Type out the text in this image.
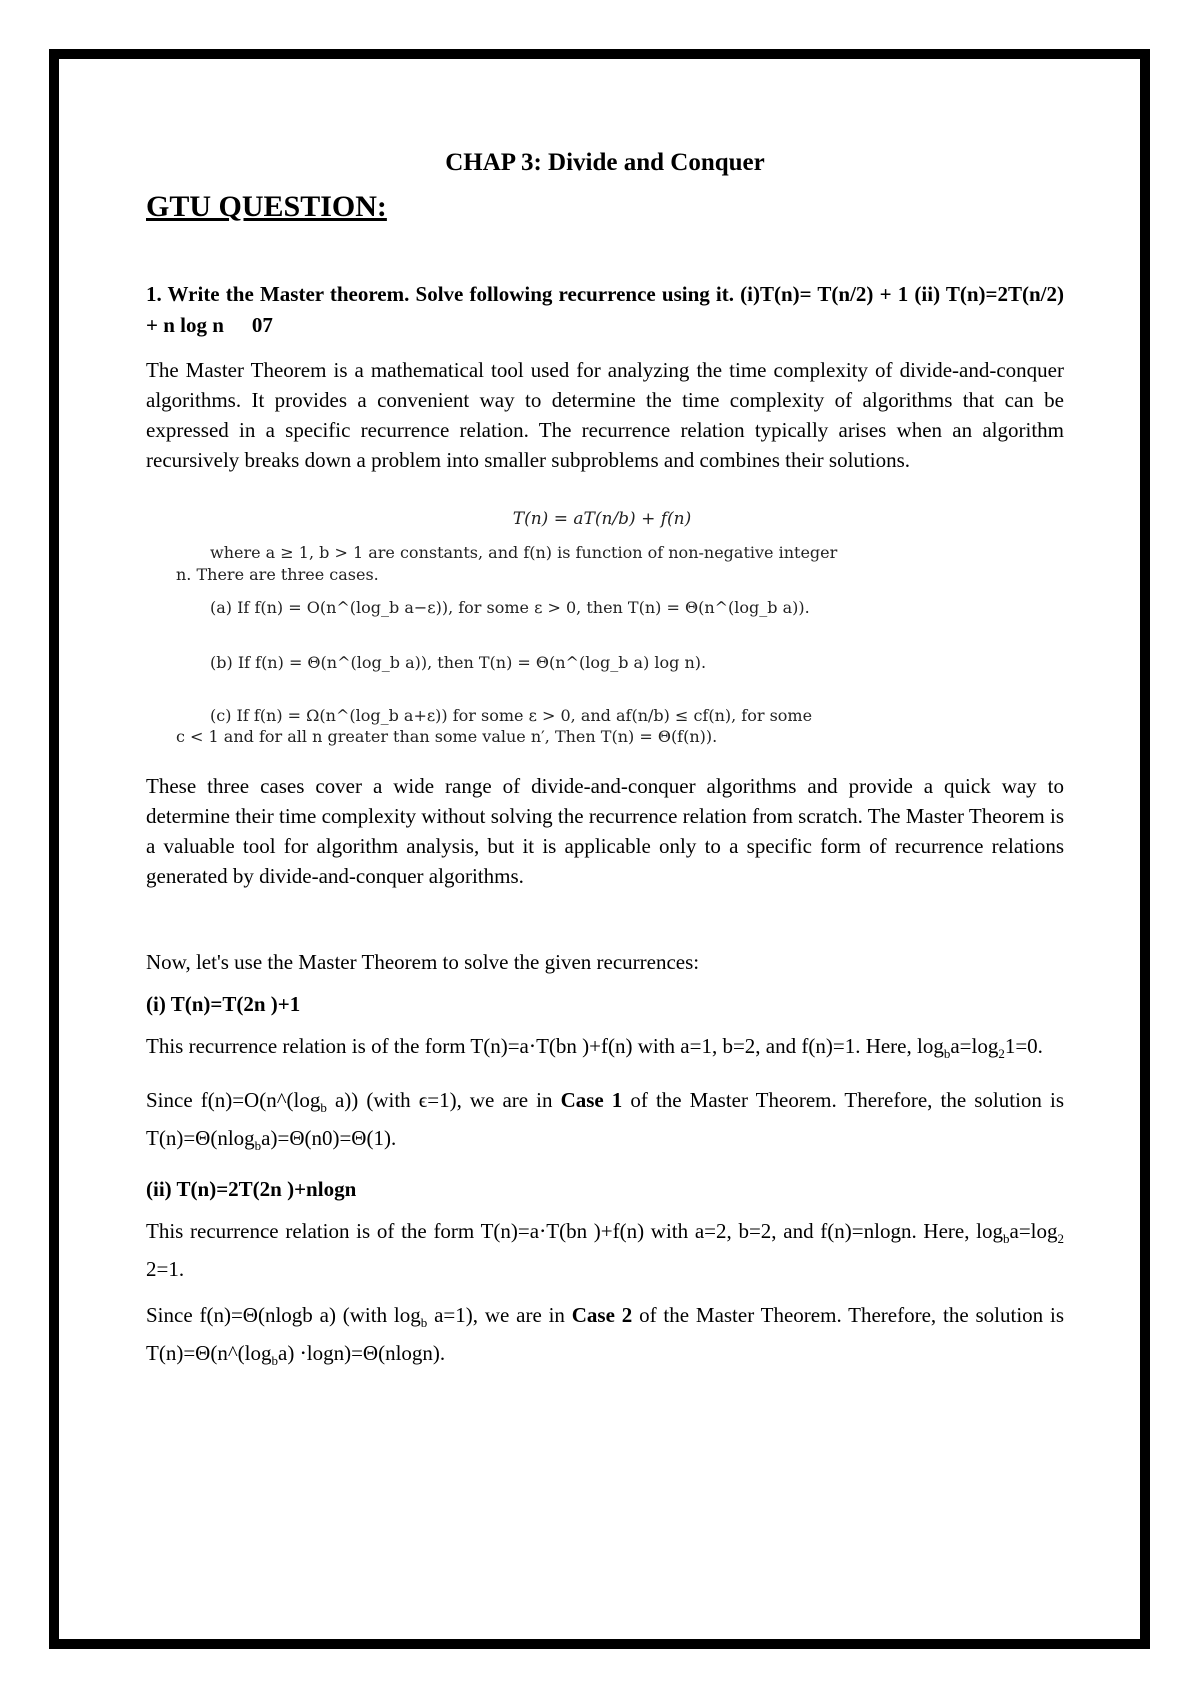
CHAP 3: Divide and Conquer
GTU QUESTION:

1. Write the Master theorem. Solve following recurrence using it. (i)T(n)= T(n/2) + 1 (ii) T(n)=2T(n/2) + n log n 07

The Master Theorem is a mathematical tool used for analyzing the time complexity of divide-and-conquer algorithms. It provides a convenient way to determine the time complexity of algorithms that can be expressed in a specific recurrence relation. The recurrence relation typically arises when an algorithm recursively breaks down a problem into smaller subproblems and combines their solutions.

T(n) = aT(n/b) + f(n)
where a ≥ 1, b > 1 are constants, and f(n) is function of non-negative integer
n. There are three cases.
(a) If f(n) = O(n^(log_b a−ε)), for some ε > 0, then T(n) = Θ(n^(log_b a)).
(b) If f(n) = Θ(n^(log_b a)), then T(n) = Θ(n^(log_b a) log n).
(c) If f(n) = Ω(n^(log_b a+ε)) for some ε > 0, and af(n/b) ≤ cf(n), for some
c < 1 and for all n greater than some value n′, Then T(n) = Θ(f(n)).

These three cases cover a wide range of divide-and-conquer algorithms and provide a quick way to determine their time complexity without solving the recurrence relation from scratch. The Master Theorem is a valuable tool for algorithm analysis, but it is applicable only to a specific form of recurrence relations generated by divide-and-conquer algorithms.

Now, let's use the Master Theorem to solve the given recurrences:

(i) T(n)=T(2n )+1

This recurrence relation is of the form T(n)=a⋅T(bn )+f(n) with a=1, b=2, and f(n)=1. Here, $\log_ba=\log_21=0$.

Since $f(n)=O(n\^{}(\log_b$ a)) (with ϵ=1), we are in Case 1 of the Master Theorem. Therefore, the solution is T(n)=Θ(nlog$_b$a)=Θ(n0)=Θ(1).

(ii) T(n)=2T(2n )+nlogn

This recurrence relation is of the form T(n)=a⋅T(bn )+f(n) with a=2, b=2, and f(n)=nlogn. Here, $\log_ba=\log_2$ 2=1.

Since f(n)=Θ(nlogb a) (with $\log_b a=1$), we are in Case 2 of the Master Theorem. Therefore, the solution is $T(n)=\Theta(n\^{}(\log_ba) \cdot\log n)=\Theta(nlogn)$.
